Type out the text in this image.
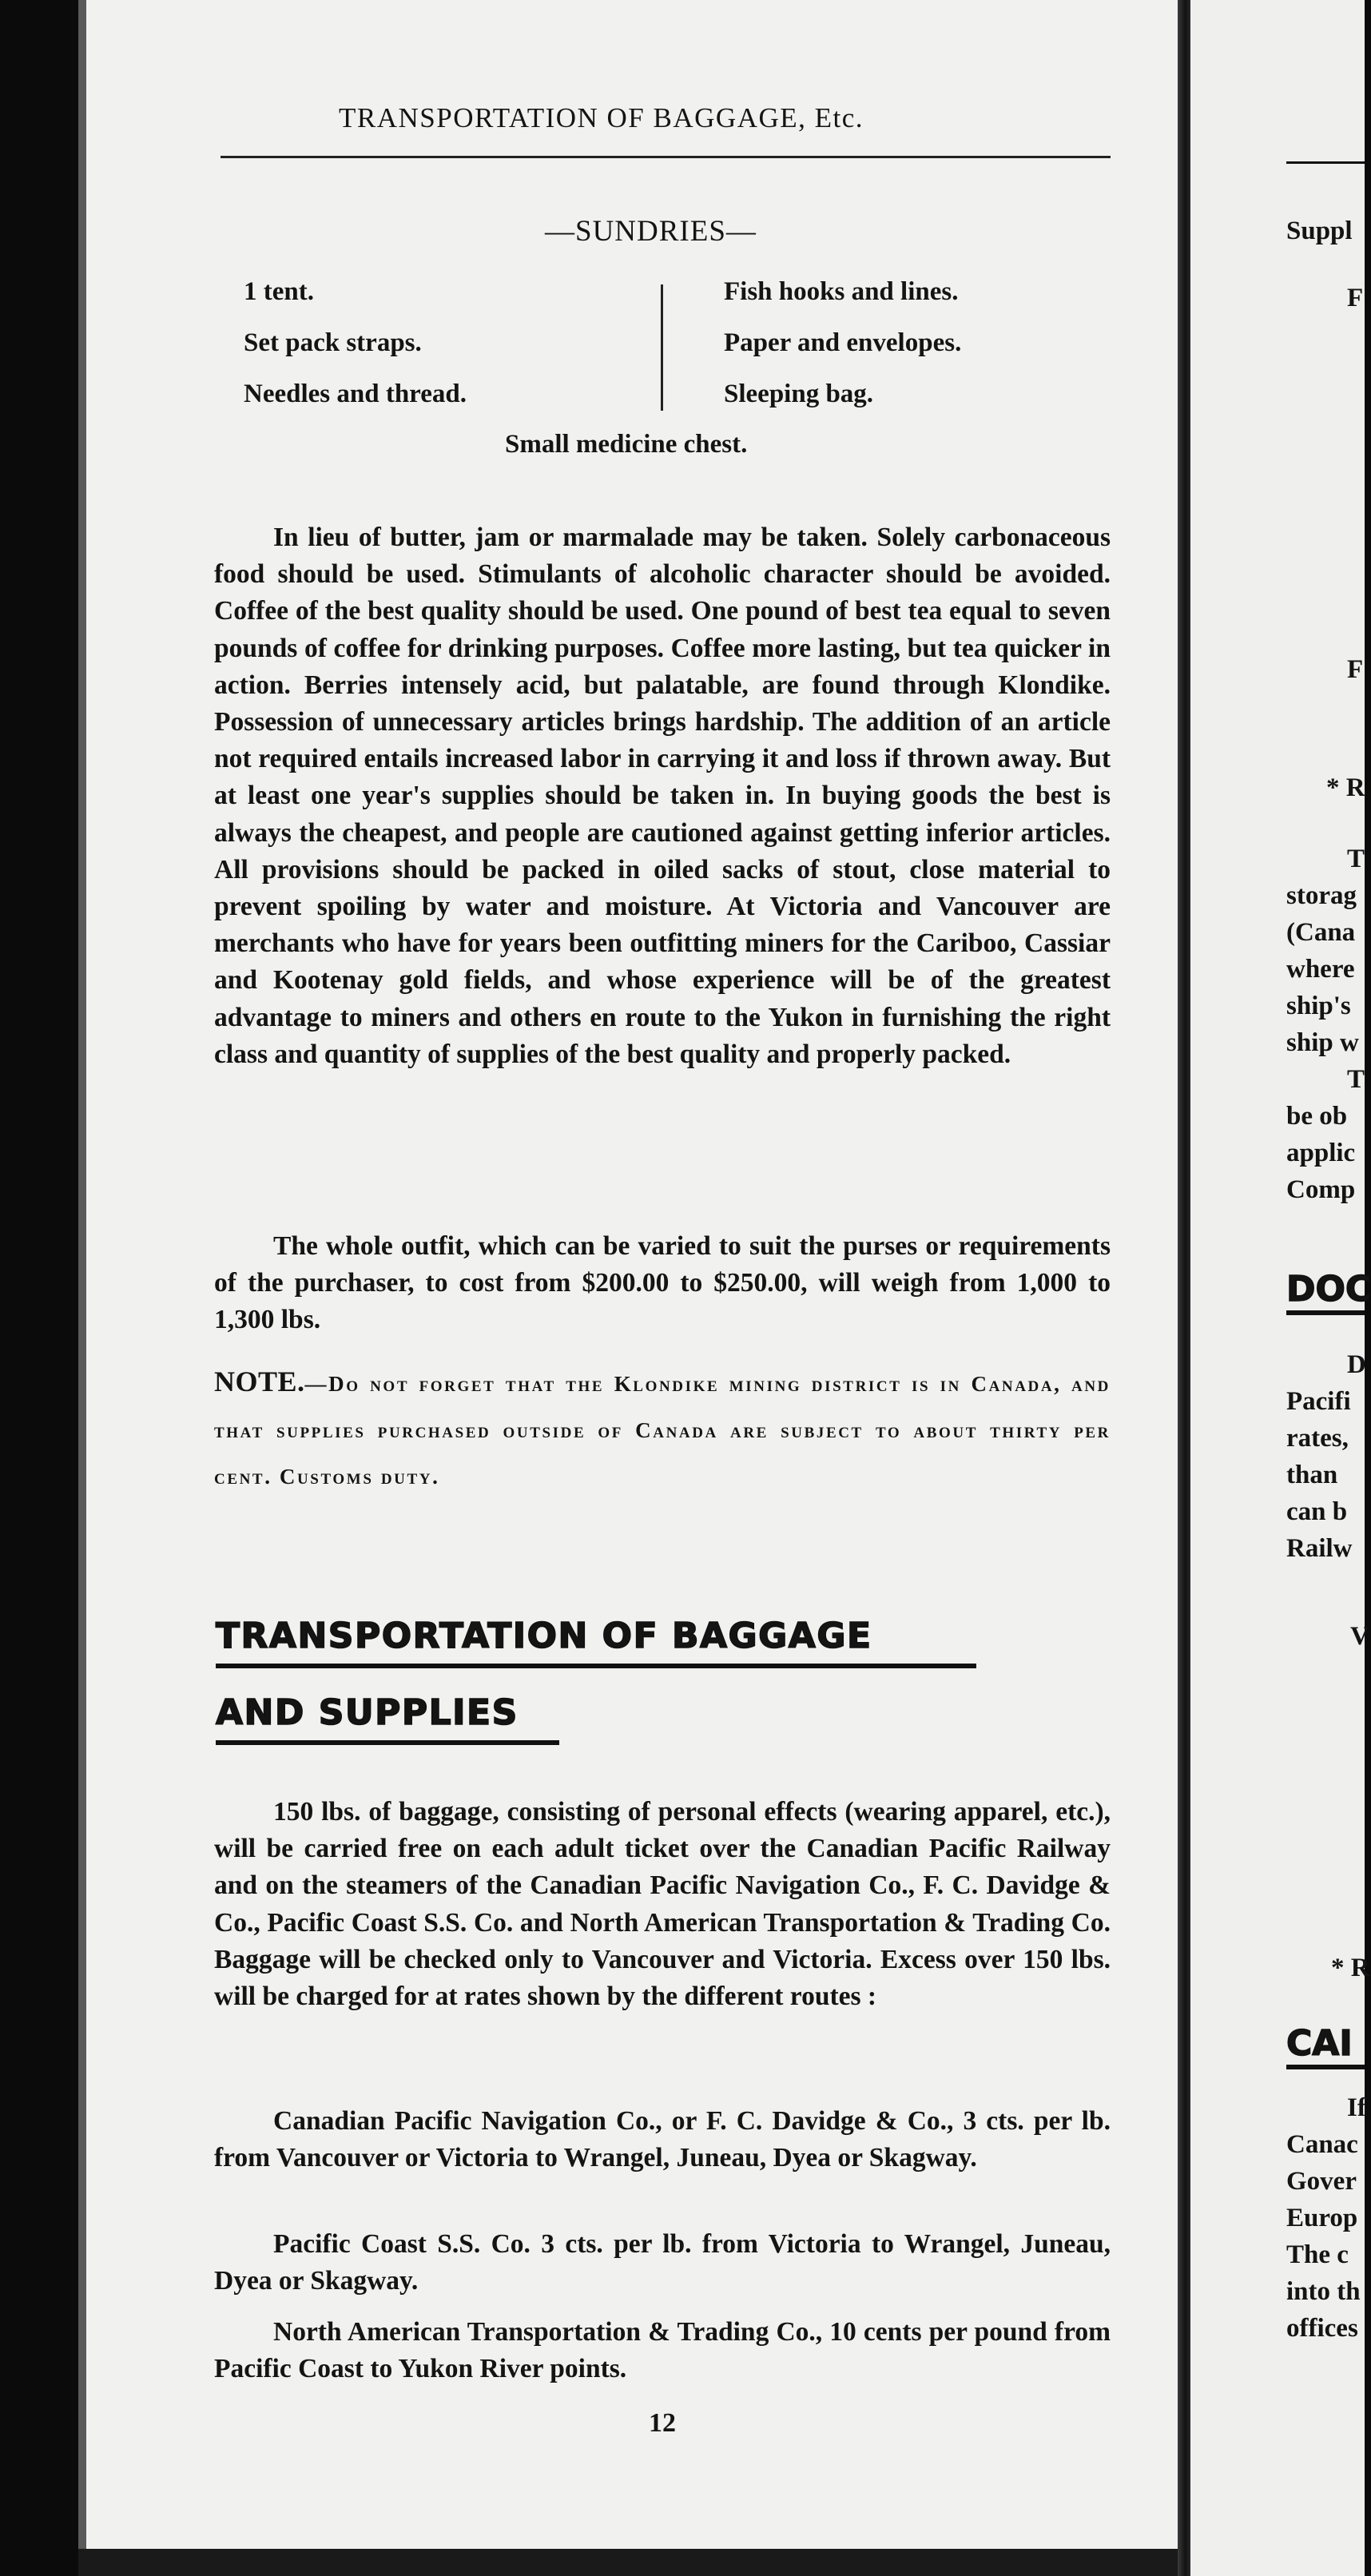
TRANSPORTATION OF BAGGAGE, Etc.
—SUNDRIES—
1 tent.
Set pack straps.
Needles and thread.
Fish hooks and lines.
Paper and envelopes.
Sleeping bag.
Small medicine chest.
In lieu of butter, jam or marmalade may be taken. Solely carbonaceous food should be used. Stimulants of alcoholic character should be avoided. Coffee of the best quality should be used. One pound of best tea equal to seven pounds of coffee for drinking purposes. Coffee more lasting, but tea quicker in action. Berries intensely acid, but palatable, are found through Klondike. Possession of unnecessary articles brings hardship. The addition of an article not required entails increased labor in carrying it and loss if thrown away. But at least one year's supplies should be taken in. In buying goods the best is always the cheapest, and people are cautioned against getting inferior articles. All provisions should be packed in oiled sacks of stout, close material to prevent spoiling by water and moisture. At Victoria and Vancouver are merchants who have for years been outfitting miners for the Cariboo, Cassiar and Kootenay gold fields, and whose experience will be of the greatest advantage to miners and others en route to the Yukon in furnishing the right class and quantity of supplies of the best quality and properly packed.
The whole outfit, which can be varied to suit the purses or requirements of the purchaser, to cost from $200.00 to $250.00, will weigh from 1,000 to 1,300 lbs.
NOTE.—Do not forget that the Klondike mining district is in Canada, and that supplies purchased outside of Canada are subject to about thirty per cent. Customs duty.
TRANSPORTATION OF BAGGAGE
AND SUPPLIES
150 lbs. of baggage, consisting of personal effects (wearing apparel, etc.), will be carried free on each adult ticket over the Canadian Pacific Railway and on the steamers of the Canadian Pacific Navigation Co., F. C. Davidge & Co., Pacific Coast S.S. Co. and North American Transportation & Trading Co. Baggage will be checked only to Vancouver and Victoria. Excess over 150 lbs. will be charged for at rates shown by the different routes :
Canadian Pacific Navigation Co., or F. C. Davidge & Co., 3 cts. per lb. from Vancouver or Victoria to Wrangel, Juneau, Dyea or Skagway.
Pacific Coast S.S. Co. 3 cts. per lb. from Victoria to Wrangel, Juneau, Dyea or Skagway.
North American Transportation & Trading Co., 10 cents per pound from Pacific Coast to Yukon River points.
12
Suppl
F
F
* R
T
storag
(Cana
where
ship's
ship w
T
be ob
applic
Comp
DOC
D
Pacifi
rates,
than
can b
Railw
V
* R
CAI
If
Canac
Gover
Europ
The c
into th
offices
